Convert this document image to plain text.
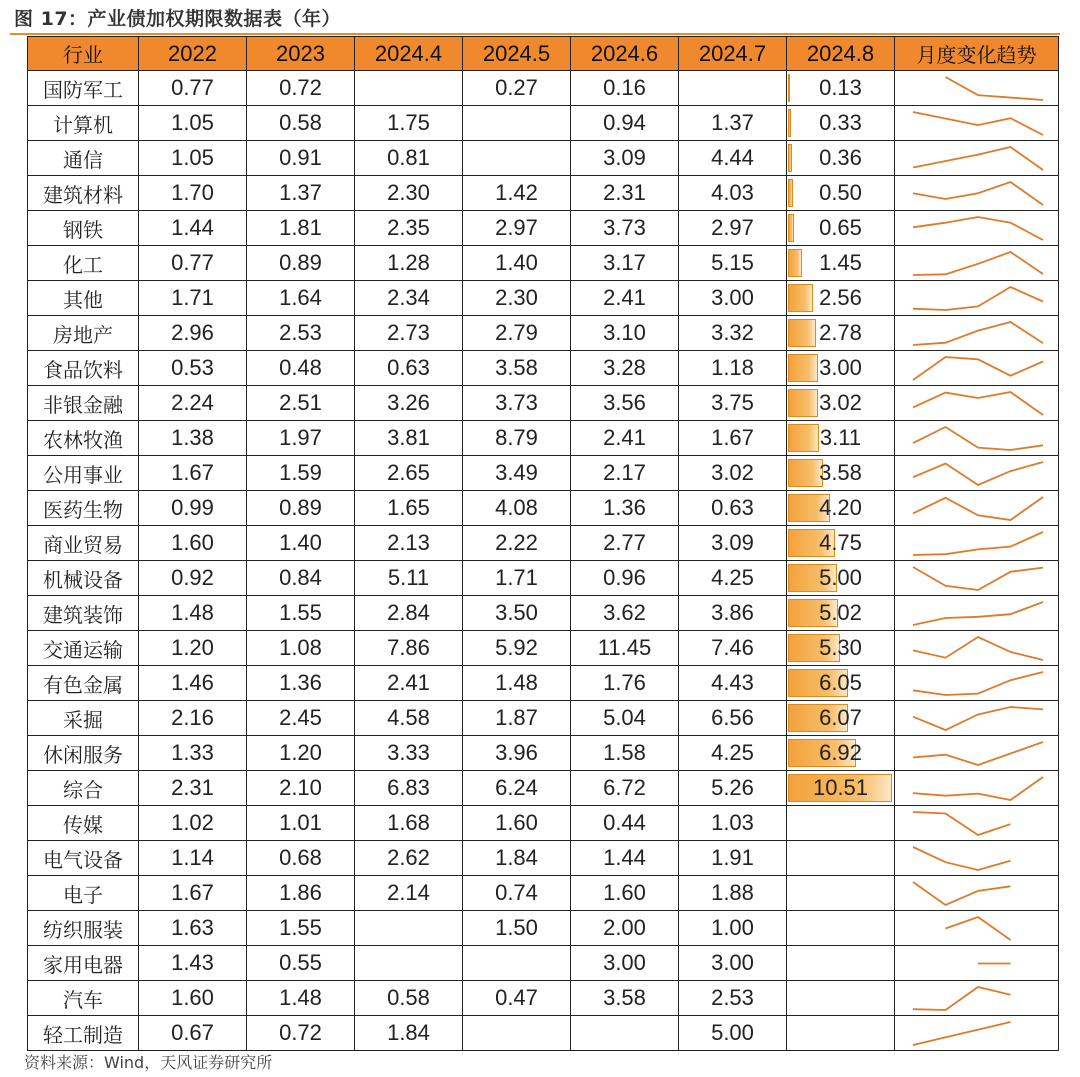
图 17：产业债加权期限数据表（年）
行业	2022	2023	2024.4	2024.5	2024.6	2024.7	2024.8	月度变化趋势
国防军工	0.77	0.72		0.27	0.16		0.13

计算机	1.05	0.58	1.75		0.94	1.37	0.33

通信	1.05	0.91	0.81		3.09	4.44	0.36

建筑材料	1.70	1.37	2.30	1.42	2.31	4.03	0.50

钢铁	1.44	1.81	2.35	2.97	3.73	2.97	0.65

化工	0.77	0.89	1.28	1.40	3.17	5.15	1.45

其他	1.71	1.64	2.34	2.30	2.41	3.00	2.56

房地产	2.96	2.53	2.73	2.79	3.10	3.32	2.78

食品饮料	0.53	0.48	0.63	3.58	3.28	1.18	3.00

非银金融	2.24	2.51	3.26	3.73	3.56	3.75	3.02

农林牧渔	1.38	1.97	3.81	8.79	2.41	1.67	3.11

公用事业	1.67	1.59	2.65	3.49	2.17	3.02	3.58

医药生物	0.99	0.89	1.65	4.08	1.36	0.63	4.20

商业贸易	1.60	1.40	2.13	2.22	2.77	3.09	4.75

机械设备	0.92	0.84	5.11	1.71	0.96	4.25	5.00

建筑装饰	1.48	1.55	2.84	3.50	3.62	3.86	5.02

交通运输	1.20	1.08	7.86	5.92	11.45	7.46	5.30

有色金属	1.46	1.36	2.41	1.48	1.76	4.43	6.05

采掘	2.16	2.45	4.58	1.87	5.04	6.56	6.07

休闲服务	1.33	1.20	3.33	3.96	1.58	4.25	6.92

综合	2.31	2.10	6.83	6.24	6.72	5.26	10.51

传媒	1.02	1.01	1.68	1.60	0.44	1.03	

电气设备	1.14	0.68	2.62	1.84	1.44	1.91	

电子	1.67	1.86	2.14	0.74	1.60	1.88	

纺织服装	1.63	1.55		1.50	2.00	1.00	

家用电器	1.43	0.55			3.00	3.00	

汽车	1.60	1.48	0.58	0.47	3.58	2.53	

轻工制造	0.67	0.72	1.84			5.00	

资料来源：Wind，天风证券研究所
